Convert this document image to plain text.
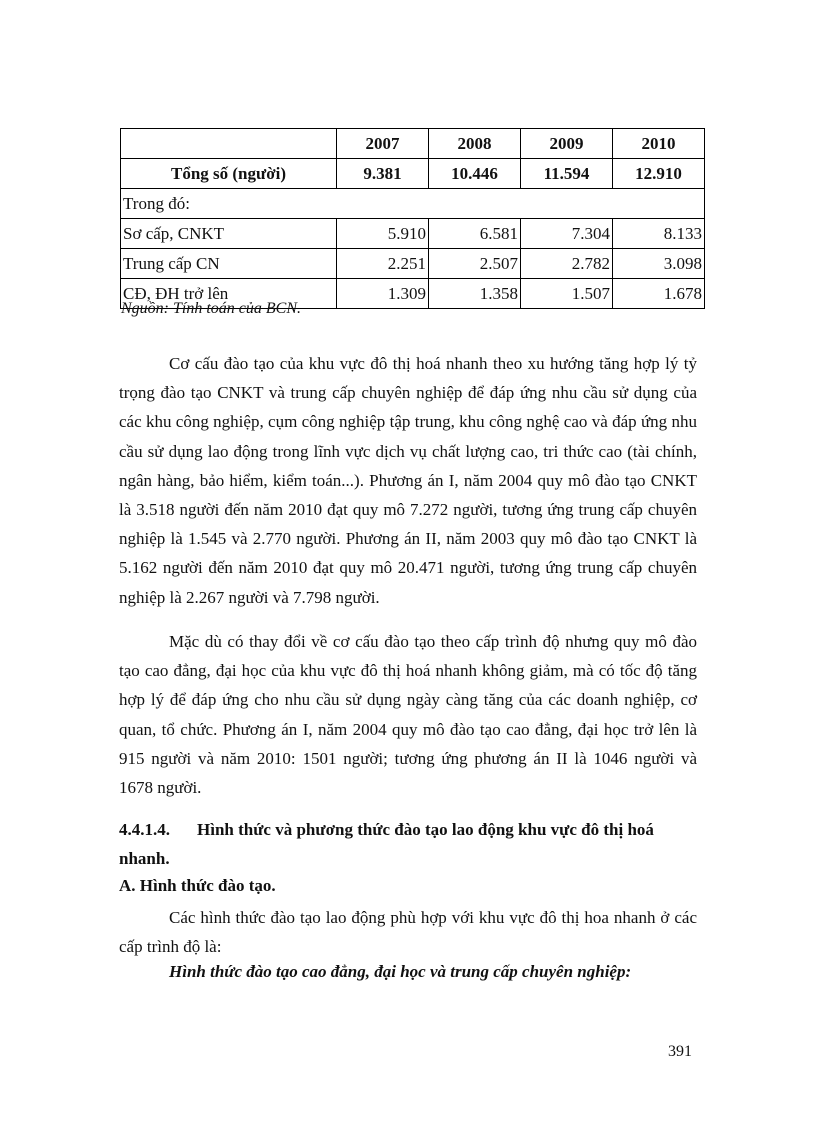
	2007	2008	2009	2010
Tổng số (người)	9.381	10.446	11.594	12.910
Trong đó:				
Sơ cấp, CNKT	5.910	6.581	7.304	8.133
Trung cấp CN	2.251	2.507	2.782	3.098
CĐ, ĐH trở lên	1.309	1.358	1.507	1.678
Nguồn: Tính toán của BCN.

Cơ cấu đào tạo của khu vực đô thị hoá nhanh theo xu hướng tăng hợp lý tỷ trọng đào tạo CNKT và trung cấp chuyên nghiệp để đáp ứng nhu cầu sử dụng của các khu công nghiệp, cụm công nghiệp tập trung, khu công nghệ cao và đáp ứng nhu cầu sử dụng lao động trong lĩnh vực dịch vụ chất lượng cao, tri thức cao (tài chính, ngân hàng, bảo hiểm, kiểm toán...). Phương án I, năm 2004 quy mô đào tạo CNKT là 3.518 người đến năm 2010 đạt quy mô 7.272 người, tương ứng trung cấp chuyên nghiệp là 1.545 và 2.770 người. Phương án II, năm 2003 quy mô đào tạo CNKT là 5.162 người đến năm 2010 đạt quy mô 20.471 người, tương ứng trung cấp chuyên nghiệp là 2.267 người và 7.798 người.

Mặc dù có thay đổi về cơ cấu đào tạo theo cấp trình độ nhưng quy mô đào tạo cao đẳng, đại học của khu vực đô thị hoá nhanh không giảm, mà có tốc độ tăng hợp lý để đáp ứng cho nhu cầu sử dụng ngày càng tăng của các doanh nghiệp, cơ quan, tổ chức. Phương án I, năm 2004 quy mô đào tạo cao đẳng, đại học trở lên là 915 người và năm 2010: 1501 người; tương ứng phương án II là 1046 người và 1678 người.

4.4.1.4. Hình thức và phương thức đào tạo lao động khu vực đô thị hoá nhanh.
A. Hình thức đào tạo.

Các hình thức đào tạo lao động phù hợp với khu vực đô thị hoa nhanh ở các cấp trình độ là:

Hình thức đào tạo cao đẳng, đại học và trung cấp chuyên nghiệp:
391
